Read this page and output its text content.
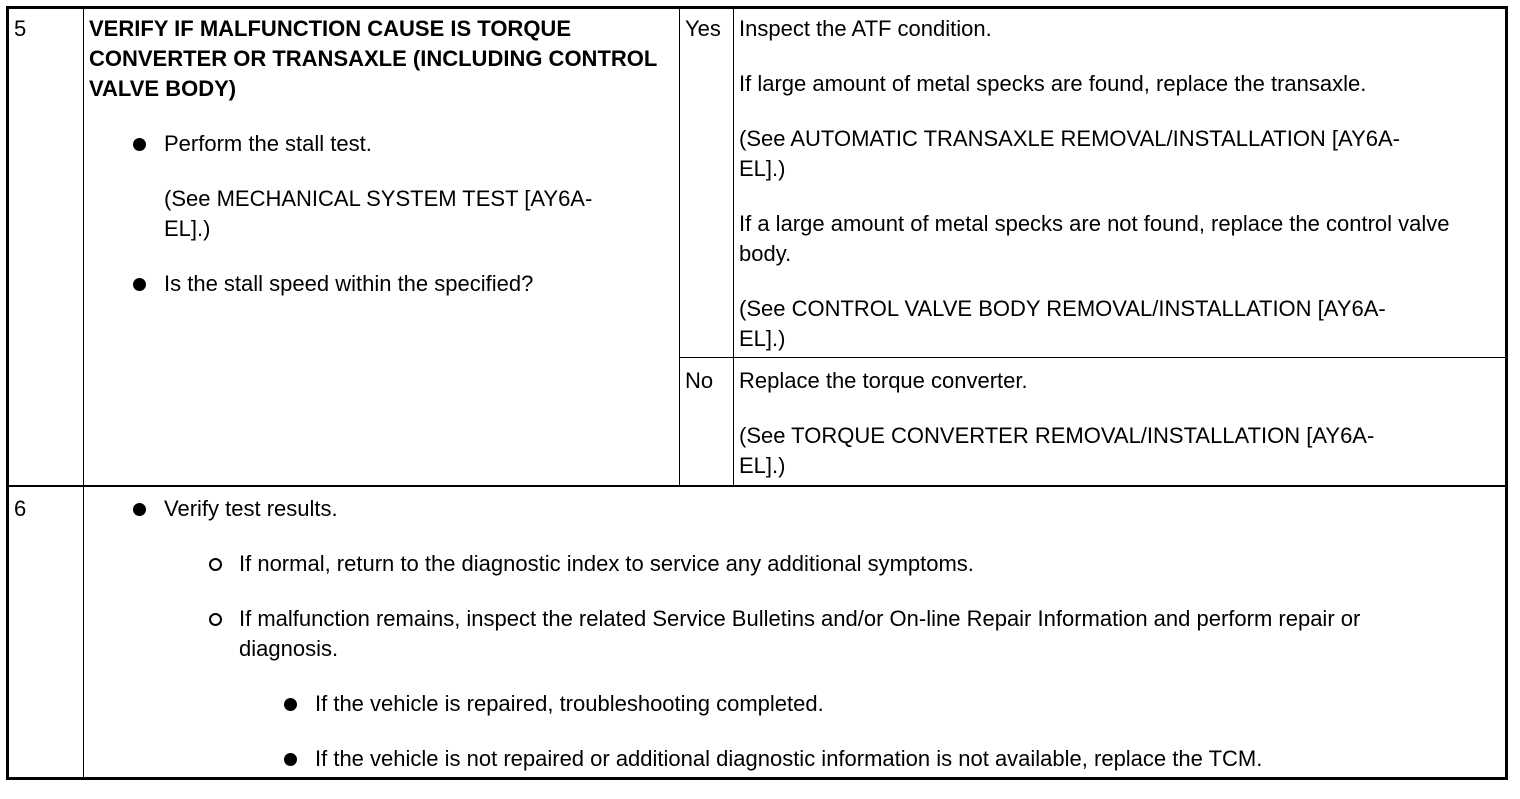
5	VERIFY IF MALFUNCTION CAUSE IS TORQUE CONVERTER OR TRANSAXLE (INCLUDING CONTROL VALVE BODY)
Perform the stall test.
(See MECHANICAL SYSTEM TEST [AY6A-EL].)
Is the stall speed within the specified?
Yes Inspect the ATF condition.
If large amount of metal specks are found, replace the transaxle.
(See AUTOMATIC TRANSAXLE REMOVAL/INSTALLATION [AY6A-EL].)
If a large amount of metal specks are not found, replace the control valve body.
(See CONTROL VALVE BODY REMOVAL/INSTALLATION [AY6A-EL].)
No Replace the torque converter.
(See TORQUE CONVERTER REMOVAL/INSTALLATION [AY6A-EL].)
6	Verify test results.
If normal, return to the diagnostic index to service any additional symptoms.
If malfunction remains, inspect the related Service Bulletins and/or On-line Repair Information and perform repair or diagnosis.
If the vehicle is repaired, troubleshooting completed.
If the vehicle is not repaired or additional diagnostic information is not available, replace the TCM.
